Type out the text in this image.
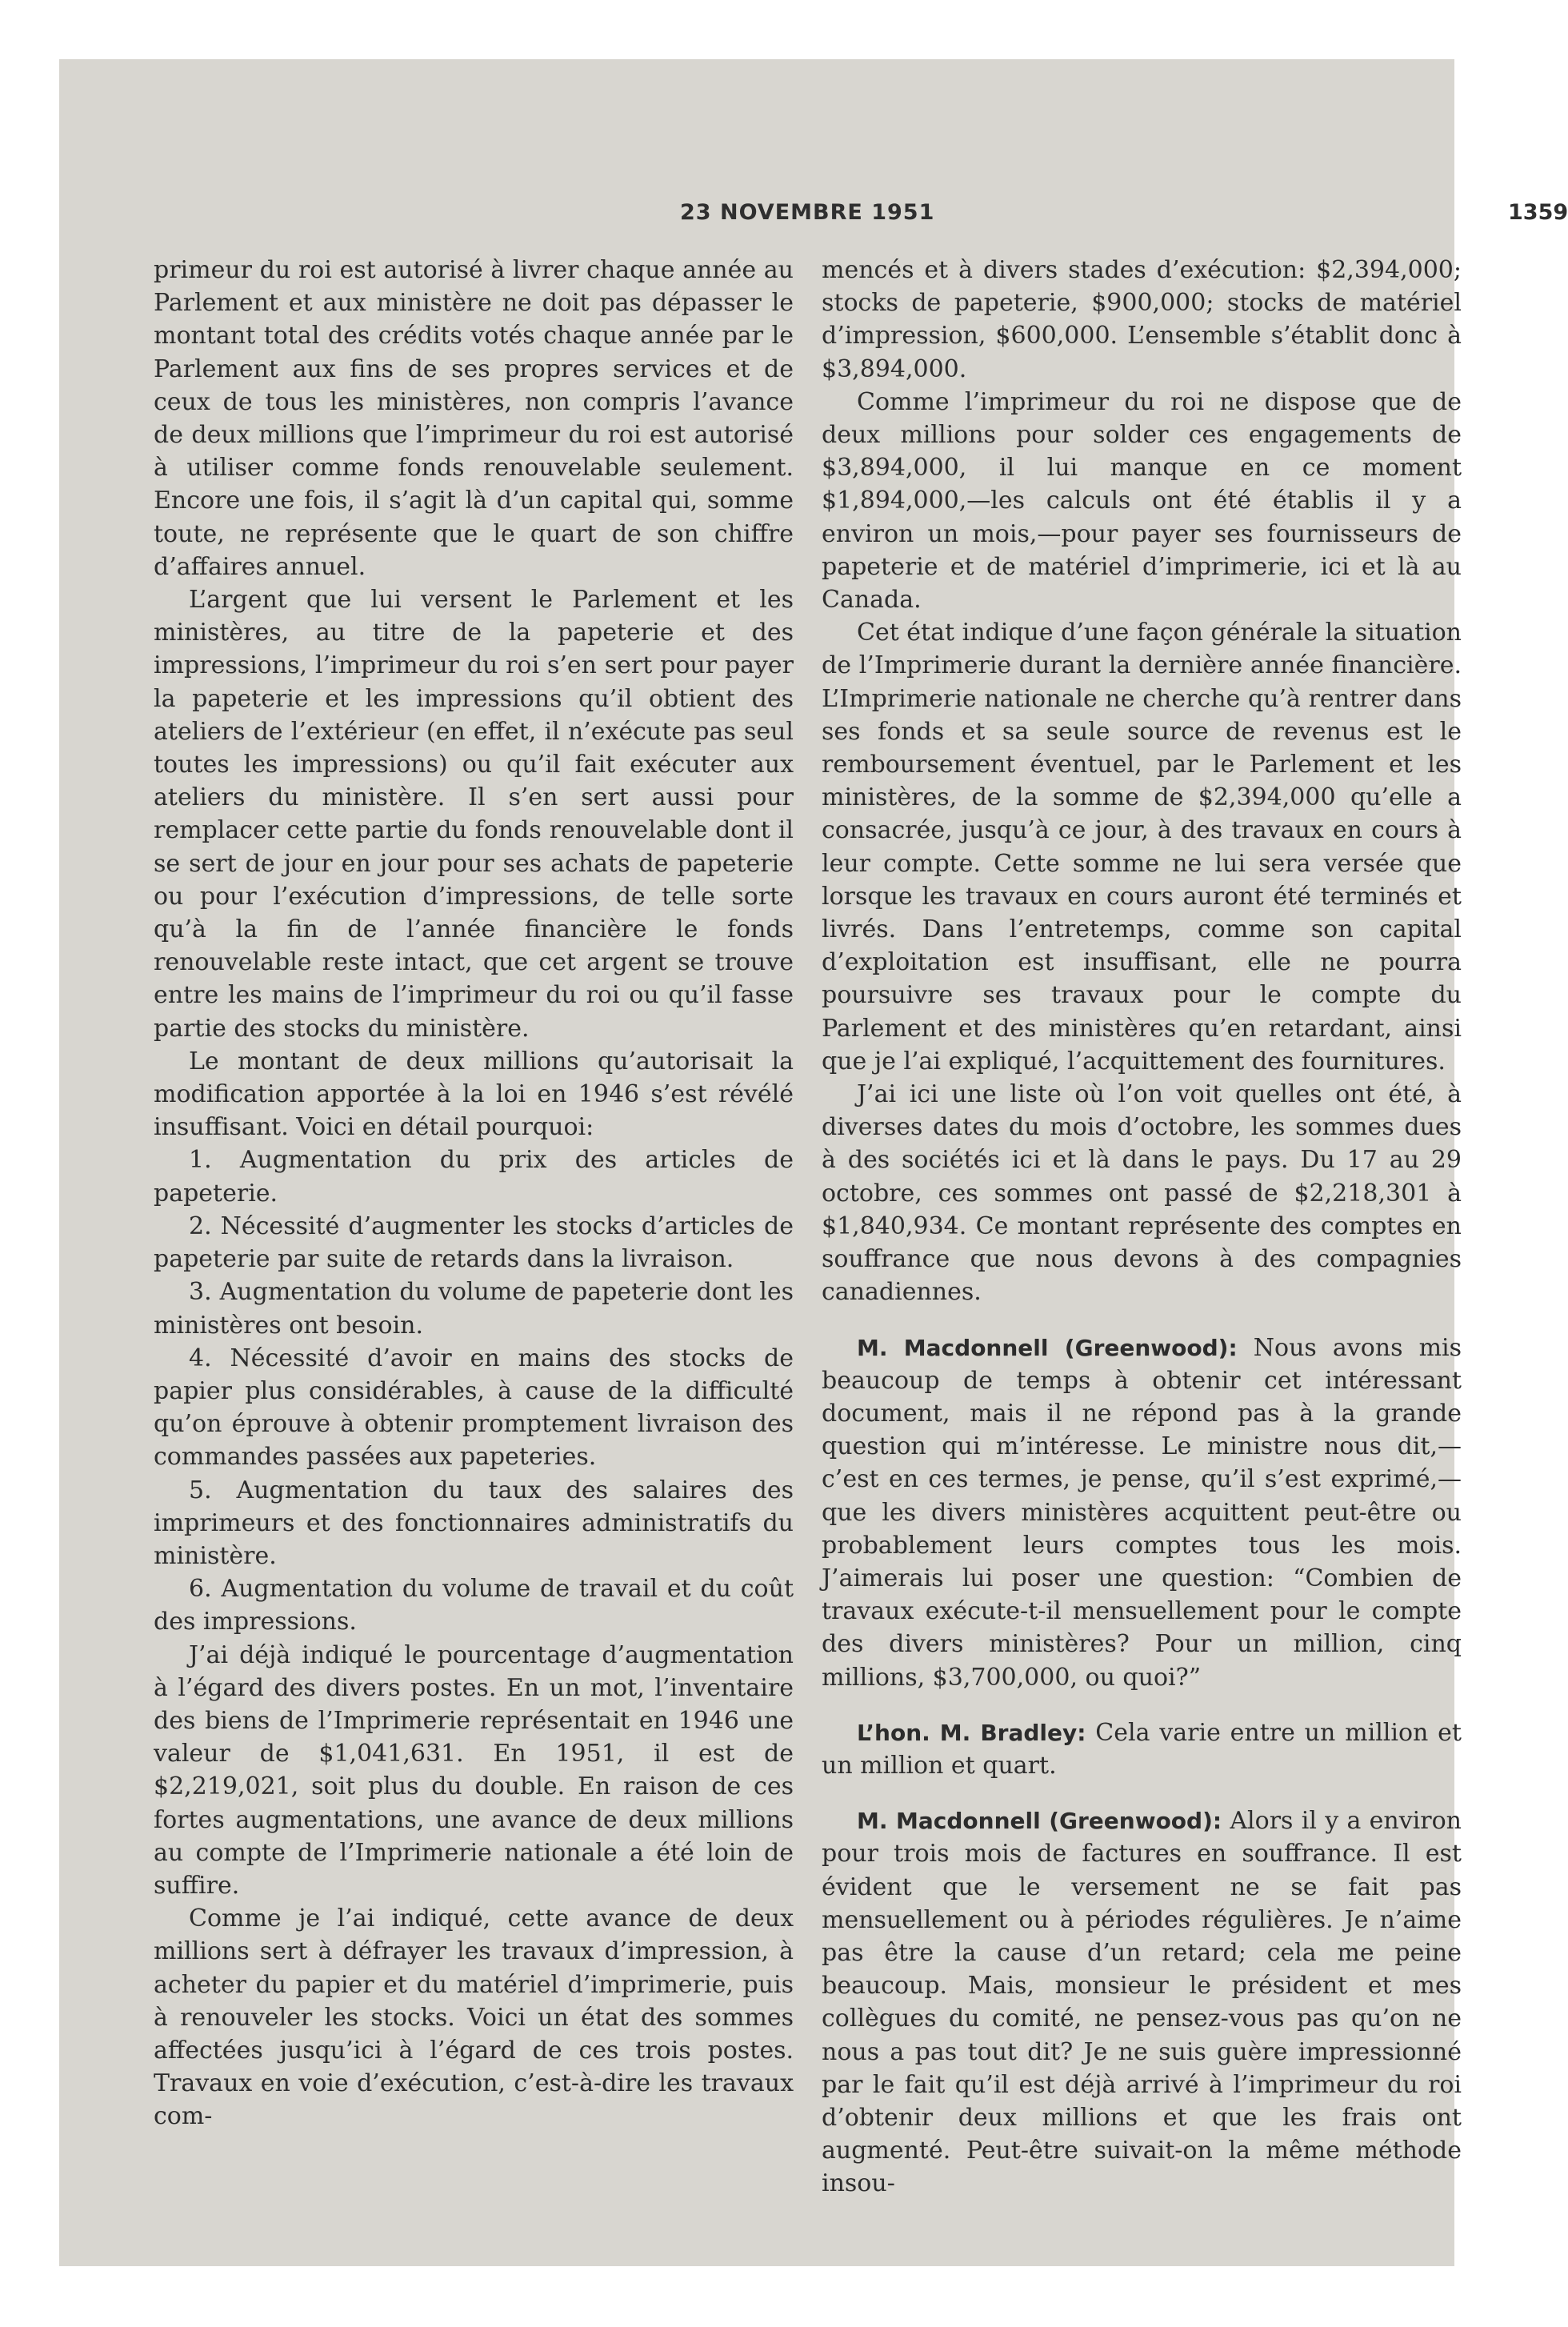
23 NOVEMBRE 1951	1359

primeur du roi est autorisé à livrer chaque année au Parlement et aux ministère ne doit pas dépasser le montant total des crédits votés chaque année par le Parlement aux fins de ses propres services et de ceux de tous les ministères, non compris l’avance de deux millions que l’imprimeur du roi est autorisé à utiliser comme fonds renouvelable seulement. Encore une fois, il s’agit là d’un capital qui, somme toute, ne représente que le quart de son chiffre d’affaires annuel.

L’argent que lui versent le Parlement et les ministères, au titre de la papeterie et des impressions, l’imprimeur du roi s’en sert pour payer la papeterie et les impressions qu’il obtient des ateliers de l’extérieur (en effet, il n’exécute pas seul toutes les impressions) ou qu’il fait exécuter aux ateliers du ministère. Il s’en sert aussi pour remplacer cette partie du fonds renouvelable dont il se sert de jour en jour pour ses achats de papeterie ou pour l’exécution d’impressions, de telle sorte qu’à la fin de l’année financière le fonds renouvelable reste intact, que cet argent se trouve entre les mains de l’imprimeur du roi ou qu’il fasse partie des stocks du ministère.

Le montant de deux millions qu’autorisait la modification apportée à la loi en 1946 s’est révélé insuffisant. Voici en détail pourquoi:

1. Augmentation du prix des articles de papeterie.

2. Nécessité d’augmenter les stocks d’articles de papeterie par suite de retards dans la livraison.

3. Augmentation du volume de papeterie dont les ministères ont besoin.

4. Nécessité d’avoir en mains des stocks de papier plus considérables, à cause de la difficulté qu’on éprouve à obtenir promptement livraison des commandes passées aux papeteries.

5. Augmentation du taux des salaires des imprimeurs et des fonctionnaires administratifs du ministère.

6. Augmentation du volume de travail et du coût des impressions.

J’ai déjà indiqué le pourcentage d’augmentation à l’égard des divers postes. En un mot, l’inventaire des biens de l’Imprimerie représentait en 1946 une valeur de $1,041,631. En 1951, il est de $2,219,021, soit plus du double. En raison de ces fortes augmentations, une avance de deux millions au compte de l’Imprimerie nationale a été loin de suffire.

Comme je l’ai indiqué, cette avance de deux millions sert à défrayer les travaux d’impression, à acheter du papier et du matériel d’imprimerie, puis à renouveler les stocks. Voici un état des sommes affectées jusqu’ici à l’égard de ces trois postes. Travaux en voie d’exécution, c’est-à-dire les travaux com-

mencés et à divers stades d’exécution: $2,394,000; stocks de papeterie, $900,000; stocks de matériel d’impression, $600,000. L’ensemble s’établit donc à $3,894,000.

Comme l’imprimeur du roi ne dispose que de deux millions pour solder ces engagements de $3,894,000, il lui manque en ce moment $1,894,000,—les calculs ont été établis il y a environ un mois,—pour payer ses fournisseurs de papeterie et de matériel d’imprimerie, ici et là au Canada.

Cet état indique d’une façon générale la situation de l’Imprimerie durant la dernière année financière. L’Imprimerie nationale ne cherche qu’à rentrer dans ses fonds et sa seule source de revenus est le remboursement éventuel, par le Parlement et les ministères, de la somme de $2,394,000 qu’elle a consacrée, jusqu’à ce jour, à des travaux en cours à leur compte. Cette somme ne lui sera versée que lorsque les travaux en cours auront été terminés et livrés. Dans l’entretemps, comme son capital d’exploitation est insuffisant, elle ne pourra poursuivre ses travaux pour le compte du Parlement et des ministères qu’en retardant, ainsi que je l’ai expliqué, l’acquittement des fournitures.

J’ai ici une liste où l’on voit quelles ont été, à diverses dates du mois d’octobre, les sommes dues à des sociétés ici et là dans le pays. Du 17 au 29 octobre, ces sommes ont passé de $2,218,301 à $1,840,934. Ce montant représente des comptes en souffrance que nous devons à des compagnies canadiennes.

M. Macdonnell (Greenwood): Nous avons mis beaucoup de temps à obtenir cet intéressant document, mais il ne répond pas à la grande question qui m’intéresse. Le ministre nous dit,—c’est en ces termes, je pense, qu’il s’est exprimé,—que les divers ministères acquittent peut-être ou probablement leurs comptes tous les mois. J’aimerais lui poser une question: “Combien de travaux exécute-t-il mensuellement pour le compte des divers ministères? Pour un million, cinq millions, $3,700,000, ou quoi?”

L’hon. M. Bradley: Cela varie entre un million et un million et quart.

M. Macdonnell (Greenwood): Alors il y a environ pour trois mois de factures en souffrance. Il est évident que le versement ne se fait pas mensuellement ou à périodes régulières. Je n’aime pas être la cause d’un retard; cela me peine beaucoup. Mais, monsieur le président et mes collègues du comité, ne pensez-vous pas qu’on ne nous a pas tout dit? Je ne suis guère impressionné par le fait qu’il est déjà arrivé à l’imprimeur du roi d’obtenir deux millions et que les frais ont augmenté. Peut-être suivait-on la même méthode insou-
